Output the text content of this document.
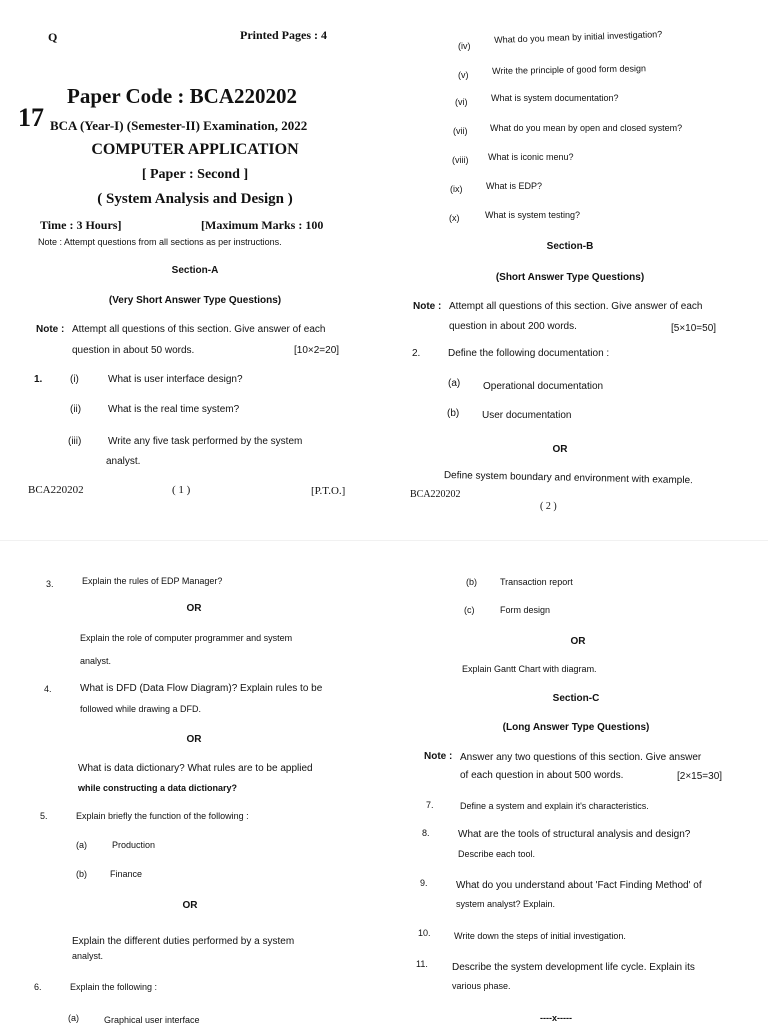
Q	Printed Pages : 4
17
Paper Code : BCA220202
BCA (Year-I) (Semester-II) Examination, 2022
COMPUTER APPLICATION
[ Paper : Second ]
( System Analysis and Design )
Time : 3 Hours]	[Maximum Marks : 100
Note : Attempt questions from all sections as per instructions.
Section-A
(Very Short Answer Type Questions)
Note : Attempt all questions of this section. Give answer of each
question in about 50 words.	[10×2=20]
1.	(i)	What is user interface design?
(ii)	What is the real time system?
(iii)	Write any five task performed by the system
analyst.
BCA220202	( 1 )	[P.T.O.]
(iv)
What do you mean by initial investigation?
(v)	Write the principle of good form design
(vi)	What is system documentation?
(vii)	What do you mean by open and closed system?
(viii) What is iconic menu?
(ix)	What is EDP?
(x)	What is system testing?
Section-B
(Short Answer Type Questions)
Note : Attempt all questions of this section. Give answer of each
question in about 200 words.	[5×10=50]
2.	Define the following documentation :
(a) Operational documentation
(b) User documentation
OR
Define system boundary and environment with example.
BCA220202
( 2 )
3.	Explain the rules of EDP Manager?
OR
Explain the role of computer programmer and system
analyst.
4.	What is DFD (Data Flow Diagram)? Explain rules to be
followed while drawing a DFD.
OR
What is data dictionary? What rules are to be applied
while constructing a data dictionary?
5.	Explain briefly the function of the following :
(a)	Production
(b)	Finance
OR
Explain the different duties performed by a system
analyst.
6.	Explain the following :
(a)	Graphical user interface
(b)	Transaction report
(c)	Form design
OR
Explain Gantt Chart with diagram.
Section-C
(Long Answer Type Questions)
Note : Answer any two questions of this section. Give answer
of each question in about 500 words.	[2×15=30]
7.	Define a system and explain it's characteristics.
8.	What are the tools of structural analysis and design?
Describe each tool.
9.	What do you understand about 'Fact Finding Method' of
system analyst? Explain.
10.	Write down the steps of initial investigation.
11. Describe the system development life cycle. Explain its
various phase.
----x-----
